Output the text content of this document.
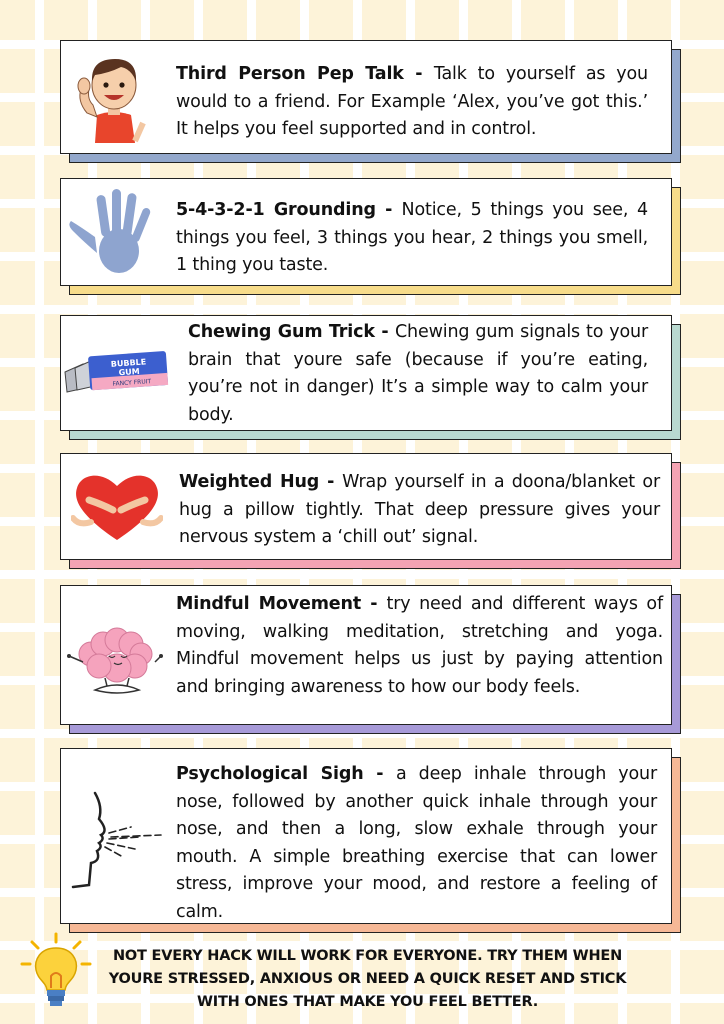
Third Person Pep Talk - Talk to yourself as you would to a friend. For Example ‘Alex, you’ve got this.’ It helps you feel supported and in control.

5-4-3-2-1 Grounding - Notice, 5 things you see, 4 things you feel, 3 things you hear, 2 things you smell, 1 thing you taste.

BUBBLE
GUM
FANCY FRUIT

Chewing Gum Trick - Chewing gum signals to your brain that youre safe (because if you’re eating, you’re not in danger) It’s a simple way to calm your body.

Weighted Hug - Wrap yourself in a doona/blanket or hug a pillow tightly. That deep pressure gives your nervous system a ‘chill out’ signal.

Mindful Movement - try need and different ways of moving, walking meditation, stretching and yoga. Mindful movement helps us just by paying attention and bringing awareness to how our body feels.

Psychological Sigh - a deep inhale through your nose, followed by another quick inhale through your nose, and then a long, slow exhale through your mouth. A simple breathing exercise that can lower stress, improve your mood, and restore a feeling of calm.

NOT EVERY HACK WILL WORK FOR EVERYONE. TRY THEM WHEN YOURE STRESSED, ANXIOUS OR NEED A QUICK RESET AND STICK WITH ONES THAT MAKE YOU FEEL BETTER.
